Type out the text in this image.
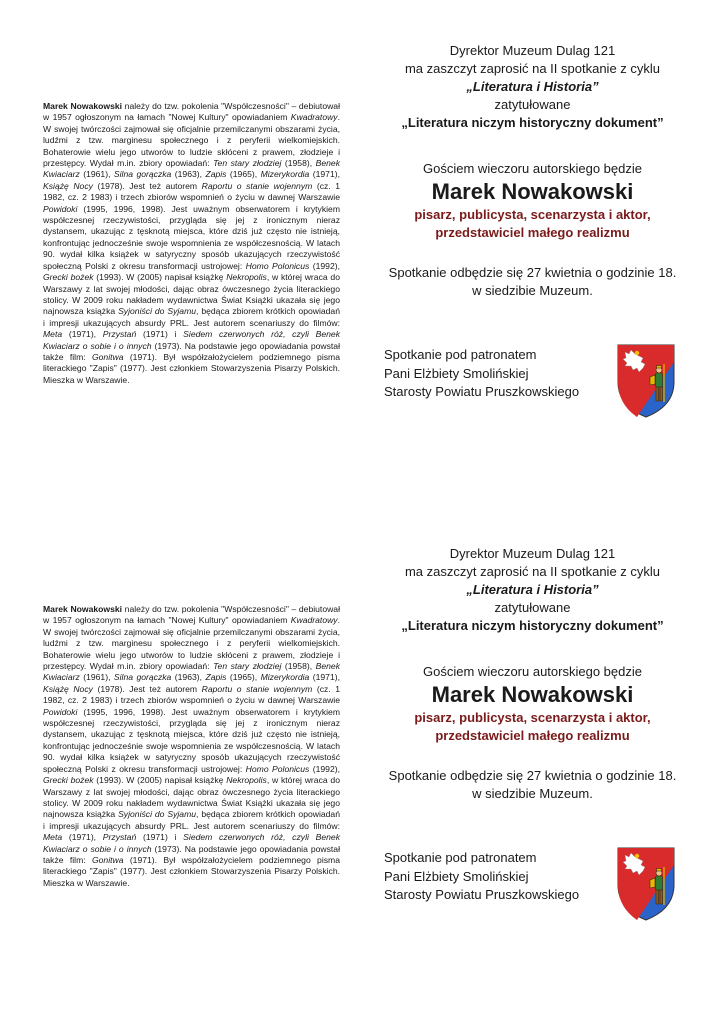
Marek Nowakowski należy do tzw. pokolenia "Współczesności" – debiutował w 1957 ogłoszonym na łamach "Nowej Kultury" opowiadaniem Kwadratowy. W swojej twórczości zajmował się oficjalnie przemilczanymi obszarami życia, ludźmi z tzw. marginesu społecznego i z peryferii wielkomiejskich. Bohaterowie wielu jego utworów to ludzie skłóceni z prawem, złodzieje i przestępcy. Wydał m.in. zbiory opowiadań: Ten stary złodziej (1958), Benek Kwiaciarz (1961), Silna gorączka (1963), Zapis (1965), Mizerykordia (1971), Książę Nocy (1978). Jest też autorem Raportu o stanie wojennym (cz. 1 1982, cz. 2 1983) i trzech zbiorów wspomnień o życiu w dawnej Warszawie Powidoki (1995, 1996, 1998). Jest uważnym obserwatorem i krytykiem współczesnej rzeczywistości, przygląda się jej z ironicznym nieraz dystansem, ukazując z tęsknotą miejsca, które dziś już często nie istnieją, konfrontując jednocześnie swoje wspomnienia ze współczesnością. W latach 90. wydał kilka książek w satyryczny sposób ukazujących rzeczywistość społeczną Polski z okresu transformacji ustrojowej: Homo Polonicus (1992), Grecki bożek (1993). W (2005) napisał książkę Nekropolis, w której wraca do Warszawy z lat swojej młodości, dając obraz ówczesnego życia literackiego stolicy. W 2009 roku nakładem wydawnictwa Świat Książki ukazała się jego najnowsza książka Syjoniści do Syjamu, będąca zbiorem krótkich opowiadań i impresji ukazujących absurdy PRL. Jest autorem scenariuszy do filmów: Meta (1971), Przystań (1971) i Siedem czerwonych róż, czyli Benek Kwiaciarz o sobie i o innych (1973). Na podstawie jego opowiadania powstał także film: Gonitwa (1971). Był współzałożycielem podziemnego pisma literackiego "Zapis" (1977). Jest członkiem Stowarzyszenia Pisarzy Polskich. Mieszka w Warszawie.

Dyrektor Muzeum Dulag 121
ma zaszczyt zaprosić na II spotkanie z cyklu
„Literatura i Historia”
zatytułowane
„Literatura niczym historyczny dokument”
Gościem wieczoru autorskiego będzie
Marek Nowakowski
pisarz, publicysta, scenarzysta i aktor,
przedstawiciel małego realizmu
Spotkanie odbędzie się 27 kwietnia o godzinie 18.
w siedzibie Muzeum.
Spotkanie pod patronatem
Pani Elżbiety Smolińskiej
Starosty Powiatu Pruszkowskiego

Marek Nowakowski należy do tzw. pokolenia "Współczesności" – debiutował w 1957 ogłoszonym na łamach "Nowej Kultury" opowiadaniem Kwadratowy. W swojej twórczości zajmował się oficjalnie przemilczanymi obszarami życia, ludźmi z tzw. marginesu społecznego i z peryferii wielkomiejskich. Bohaterowie wielu jego utworów to ludzie skłóceni z prawem, złodzieje i przestępcy. Wydał m.in. zbiory opowiadań: Ten stary złodziej (1958), Benek Kwiaciarz (1961), Silna gorączka (1963), Zapis (1965), Mizerykordia (1971), Książę Nocy (1978). Jest też autorem Raportu o stanie wojennym (cz. 1 1982, cz. 2 1983) i trzech zbiorów wspomnień o życiu w dawnej Warszawie Powidoki (1995, 1996, 1998). Jest uważnym obserwatorem i krytykiem współczesnej rzeczywistości, przygląda się jej z ironicznym nieraz dystansem, ukazując z tęsknotą miejsca, które dziś już często nie istnieją, konfrontując jednocześnie swoje wspomnienia ze współczesnością. W latach 90. wydał kilka książek w satyryczny sposób ukazujących rzeczywistość społeczną Polski z okresu transformacji ustrojowej: Homo Polonicus (1992), Grecki bożek (1993). W (2005) napisał książkę Nekropolis, w której wraca do Warszawy z lat swojej młodości, dając obraz ówczesnego życia literackiego stolicy. W 2009 roku nakładem wydawnictwa Świat Książki ukazała się jego najnowsza książka Syjoniści do Syjamu, będąca zbiorem krótkich opowiadań i impresji ukazujących absurdy PRL. Jest autorem scenariuszy do filmów: Meta (1971), Przystań (1971) i Siedem czerwonych róż, czyli Benek Kwiaciarz o sobie i o innych (1973). Na podstawie jego opowiadania powstał także film: Gonitwa (1971). Był współzałożycielem podziemnego pisma literackiego "Zapis" (1977). Jest członkiem Stowarzyszenia Pisarzy Polskich. Mieszka w Warszawie.

Dyrektor Muzeum Dulag 121
ma zaszczyt zaprosić na II spotkanie z cyklu
„Literatura i Historia”
zatytułowane
„Literatura niczym historyczny dokument”
Gościem wieczoru autorskiego będzie
Marek Nowakowski
pisarz, publicysta, scenarzysta i aktor,
przedstawiciel małego realizmu
Spotkanie odbędzie się 27 kwietnia o godzinie 18.
w siedzibie Muzeum.
Spotkanie pod patronatem
Pani Elżbiety Smolińskiej
Starosty Powiatu Pruszkowskiego
